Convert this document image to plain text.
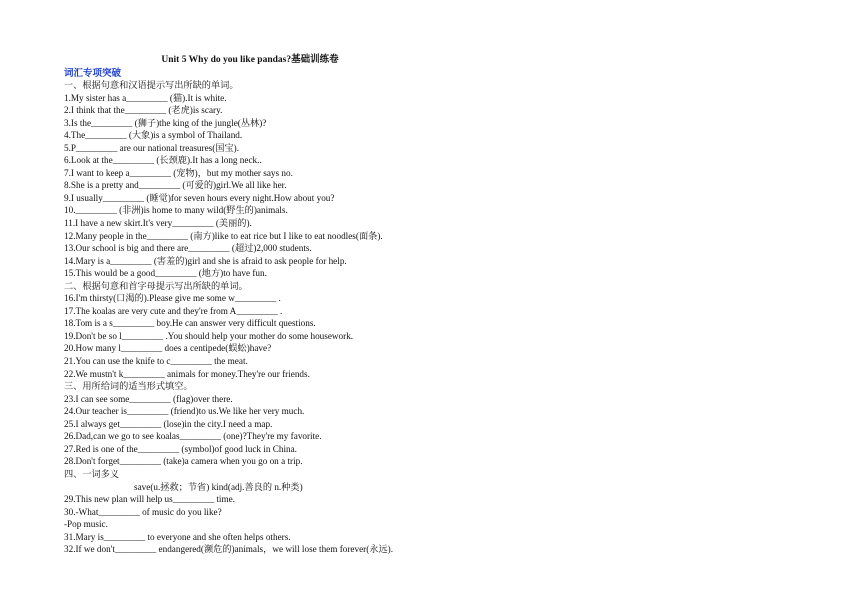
Unit 5 Why do you like pandas?基础训练卷
词汇专项突破
一、根据句意和汉语提示写出所缺的单词。
1.My sister has a_________ (猫).It is white.
2.I think that the_________ (老虎)is scary.
3.Is the_________ (狮子)the king of the jungle(丛林)?
4.The_________ (大象)is a symbol of Thailand.
5.P_________ are our national treasures(国宝).
6.Look at the_________ (长颈鹿).It has a long neck..
7.I want to keep a_________ (宠物)，but my mother says no.
8.She is a pretty and_________ (可爱的)girl.We all like her.
9.I usually_________ (睡觉)for seven hours every night.How about you?
10._________ (非洲)is home to many wild(野生的)animals.
11.I have a new skirt.It's very_________ (美丽的).
12.Many people in the_________ (南方)like to eat rice but I like to eat noodles(面条).
13.Our school is big and there are_________ (超过)2,000 students.
14.Mary is a_________ (害羞的)girl and she is afraid to ask people for help.
15.This would be a good_________ (地方)to have fun.
二、根据句意和首字母提示写出所缺的单词。
16.I'm thirsty(口渴的).Please give me some w_________ .
17.The koalas are very cute and they're from A_________ .
18.Tom is a s_________ boy.He can answer very difficult questions.
19.Don't be so l_________ .You should help your mother do some housework.
20.How many l_________ does a centipede(蜈蚣)have?
21.You can use the knife to c_________ the meat.
22.We mustn't k_________ animals for money.They're our friends.
三、用所给词的适当形式填空。
23.I can see some_________ (flag)over there.
24.Our teacher is_________ (friend)to us.We like her very much.
25.I always get_________ (lose)in the city.I need a map.
26.Dad,can we go to see koalas_________ (one)?They're my favorite.
27.Red is one of the_________ (symbol)of good luck in China.
28.Don't forget_________ (take)a camera when you go on a trip.
四、一词多义
save(u.拯救；节省) kind(adj.善良的 n.种类)
29.This new plan will help us_________ time.
30.-What_________ of music do you like?
-Pop music.
31.Mary is_________ to everyone and she often helps others.
32.If we don't_________ endangered(濒危的)animals，we will lose them forever(永远).
